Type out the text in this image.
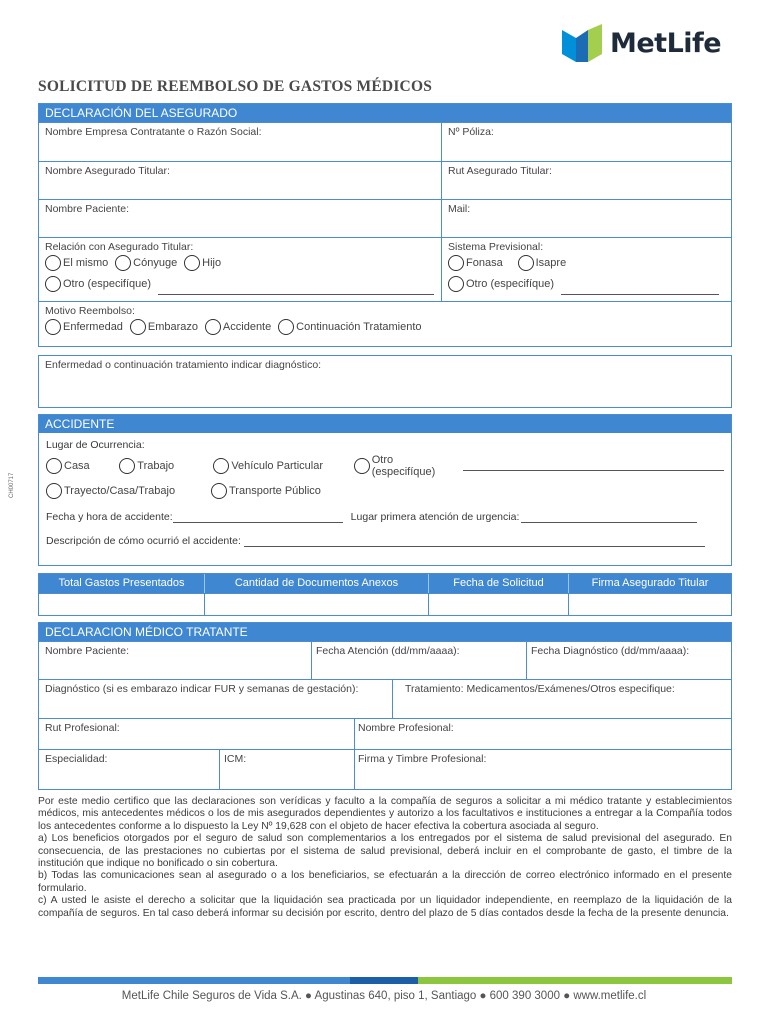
MetLife
SOLICITUD DE REEMBOLSO DE GASTOS MÉDICOS
CH00717
DECLARACIÓN DEL ASEGURADO
Nombre Empresa Contratante o Razón Social:	Nº Póliza:
Nombre Asegurado Titular:	Rut Asegurado Titular:
Nombre Paciente:	Mail:
Relación con Asegurado Titular:
El mismo
Cónyuge
Hijo
Otro (especifíque)

Sistema Previsional:
Fonasa
	Isapre
Otro (especifíque)

Motivo Reembolso:
Enfermedad
Embarazo
Accidente
Continuación Tratamiento
Enfermedad o continuación tratamiento indicar diagnóstico:
ACCIDENTE
Lugar de Ocurrencia:
Casa	Trabajo	Vehículo Particular	Otro (especifíque)
Trayecto/Casa/Trabajo	Transporte Público
Fecha y hora de accidente:	Lugar primera atención de urgencia:
Descripción de cómo ocurrió el accidente:
Total Gastos Presentados	Cantidad de Documentos Anexos	Fecha de Solicitud	Firma Asegurado Titular
DECLARACION MÉDICO TRATANTE
Nombre Paciente:	Fecha Atención (dd/mm/aaaa):	Fecha Diagnóstico (dd/mm/aaaa):
Diagnóstico (si es embarazo indicar FUR y semanas de gestación):	Tratamiento: Medicamentos/Exámenes/Otros especifique:
Rut Profesional:	Nombre Profesional:
Especialidad:	ICM:	Firma y Timbre Profesional:

Por este medio certifico que las declaraciones son verídicas y faculto a la compañía de seguros a solicitar a mi médico tratante y establecimientos médicos, mis antecedentes médicos o los de mis asegurados dependientes y autorizo a los facultativos e instituciones a entregar a la Compañía todos los antecedentes conforme a lo dispuesto la Ley Nº 19,628 con el objeto de hacer efectiva la cobertura asociada al seguro.

a) Los beneficios otorgados por el seguro de salud son complementarios a los entregados por el sistema de salud previsional del asegurado. En consecuencia, de las prestaciones no cubiertas por el sistema de salud previsional, deberá incluir en el comprobante de gasto, el timbre de la institución que indique no bonificado o sin cobertura.

b) Todas las comunicaciones sean al asegurado o a los beneficiarios, se efectuarán a la dirección de correo electrónico informado en el presente formulario.

c) A usted le asiste el derecho a solicitar que la liquidación sea practicada por un liquidador independiente, en reemplazo de la liquidación de la compañía de seguros. En tal caso deberá informar su decisión por escrito, dentro del plazo de 5 días contados desde la fecha de la presente denuncia.

MetLife Chile Seguros de Vida S.A. ● Agustinas 640, piso 1, Santiago ● 600 390 3000 ● www.metlife.cl
